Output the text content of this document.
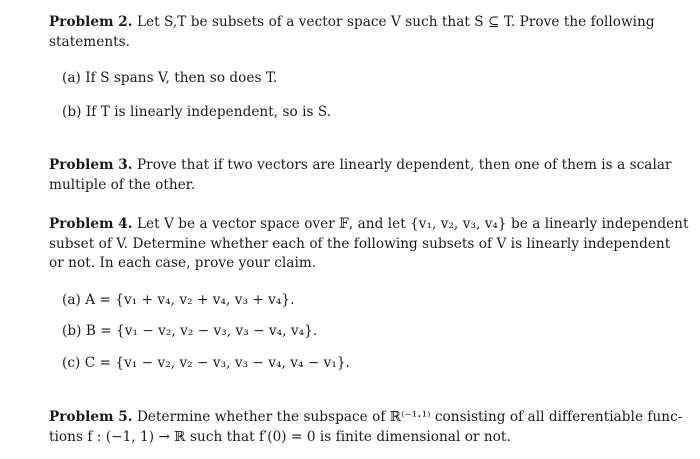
Problem 2. Let S,T be subsets of a vector space V such that S ⊆ T. Prove the following
statements.
(a) If S spans V, then so does T.
(b) If T is linearly independent, so is S.
Problem 3. Prove that if two vectors are linearly dependent, then one of them is a scalar
multiple of the other.
Problem 4. Let V be a vector space over 𝔽, and let {v₁, v₂, v₃, v₄} be a linearly independent
subset of V. Determine whether each of the following subsets of V is linearly independent
or not. In each case, prove your claim.
(a) A = {v₁ + v₄, v₂ + v₄, v₃ + v₄}.
(b) B = {v₁ − v₂, v₂ − v₃, v₃ − v₄, v₄}.
(c) C = {v₁ − v₂, v₂ − v₃, v₃ − v₄, v₄ − v₁}.
Problem 5. Determine whether the subspace of ℝ⁽⁻¹·¹⁾ consisting of all differentiable func-
tions f : (−1, 1) → ℝ such that f′(0) = 0 is finite dimensional or not.
